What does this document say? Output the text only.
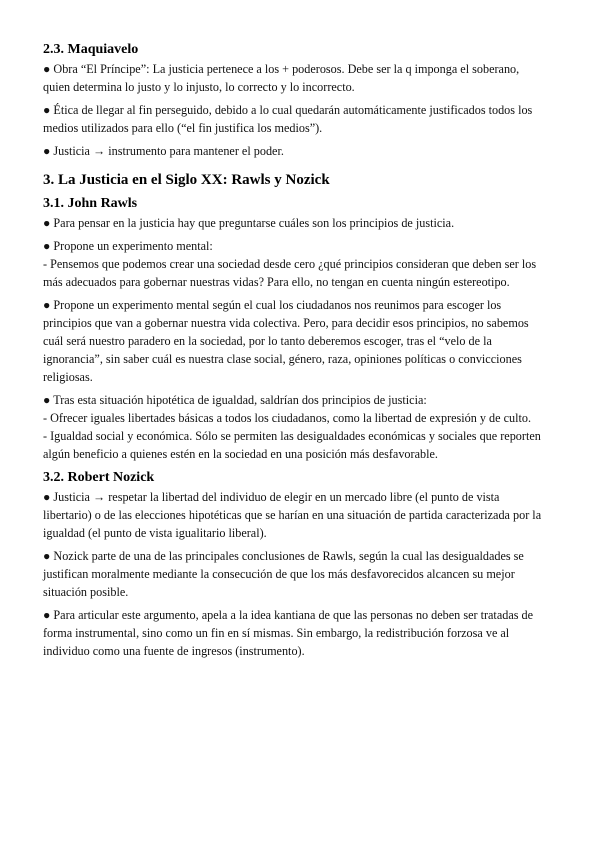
2.3. Maquiavelo

● Obra “El Príncipe”: La justicia pertenece a los + poderosos. Debe ser la q imponga el soberano, quien determina lo justo y lo injusto, lo correcto y lo incorrecto.

● Ética de llegar al fin perseguido, debido a lo cual quedarán automáticamente justificados todos los medios utilizados para ello (“el fin justifica los medios”).

● Justicia → instrumento para mantener el poder.

3. La Justicia en el Siglo XX: Rawls y Nozick
3.1. John Rawls

● Para pensar en la justicia hay que preguntarse cuáles son los principios de justicia.

● Propone un experimento mental:

- Pensemos que podemos crear una sociedad desde cero ¿qué principios consideran que deben ser los más adecuados para gobernar nuestras vidas? Para ello, no tengan en cuenta ningún estereotipo.

● Propone un experimento mental según el cual los ciudadanos nos reunimos para escoger los principios que van a gobernar nuestra vida colectiva. Pero, para decidir esos principios, no sabemos cuál será nuestro paradero en la sociedad, por lo tanto deberemos escoger, tras el “velo de la ignorancia”, sin saber cuál es nuestra clase social, género, raza, opiniones políticas o convicciones religiosas.

● Tras esta situación hipotética de igualdad, saldrían dos principios de justicia:

- Ofrecer iguales libertades básicas a todos los ciudadanos, como la libertad de expresión y de culto.

- Igualdad social y económica. Sólo se permiten las desigualdades económicas y sociales que reporten algún beneficio a quienes estén en la sociedad en una posición más desfavorable.

3.2. Robert Nozick

● Justicia → respetar la libertad del individuo de elegir en un mercado libre (el punto de vista libertario) o de las elecciones hipotéticas que se harían en una situación de partida caracterizada por la igualdad (el punto de vista igualitario liberal).

● Nozick parte de una de las principales conclusiones de Rawls, según la cual las desigualdades se justifican moralmente mediante la consecución de que los más desfavorecidos alcancen su mejor situación posible.

● Para articular este argumento, apela a la idea kantiana de que las personas no deben ser tratadas de forma instrumental, sino como un fin en sí mismas. Sin embargo, la redistribución forzosa ve al individuo como una fuente de ingresos (instrumento).
